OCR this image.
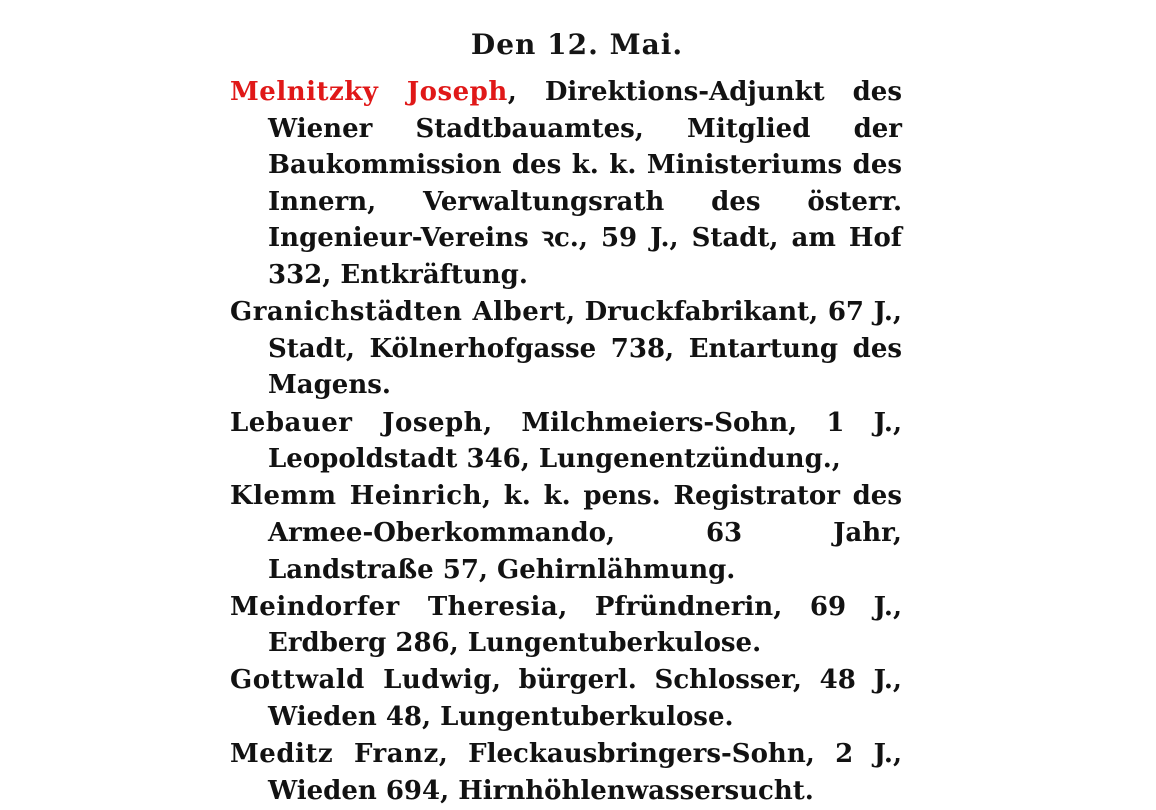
Den 12. Mai.

Melnitzky Joseph, Direktions-Adjunkt des Wiener Stadtbauamtes, Mitglied der Baukommission des k. k. Ministeriums des Innern, Verwaltungsrath des österr. Ingenieur-Vereins ꝛc., 59 J., Stadt, am Hof 332, Entkräftung.

Granichstädten Albert, Druckfabrikant, 67 J., Stadt, Kölnerhofgasse 738, Entartung des Magens.

Lebauer Joseph, Milchmeiers-Sohn, 1 J., Leopoldstadt 346, Lungenentzündung.,

Klemm Heinrich, k. k. pens. Registrator des Armee-Oberkommando, 63 Jahr, Landstraße 57, Gehirnlähmung.

Meindorfer Theresia, Pfründnerin, 69 J., Erdberg 286, Lungentuberkulose.

Gottwald Ludwig, bürgerl. Schlosser, 48 J., Wieden 48, Lungentuberkulose.

Meditz Franz, Fleckausbringers-Sohn, 2 J., Wieden 694, Hirnhöhlenwassersucht.
